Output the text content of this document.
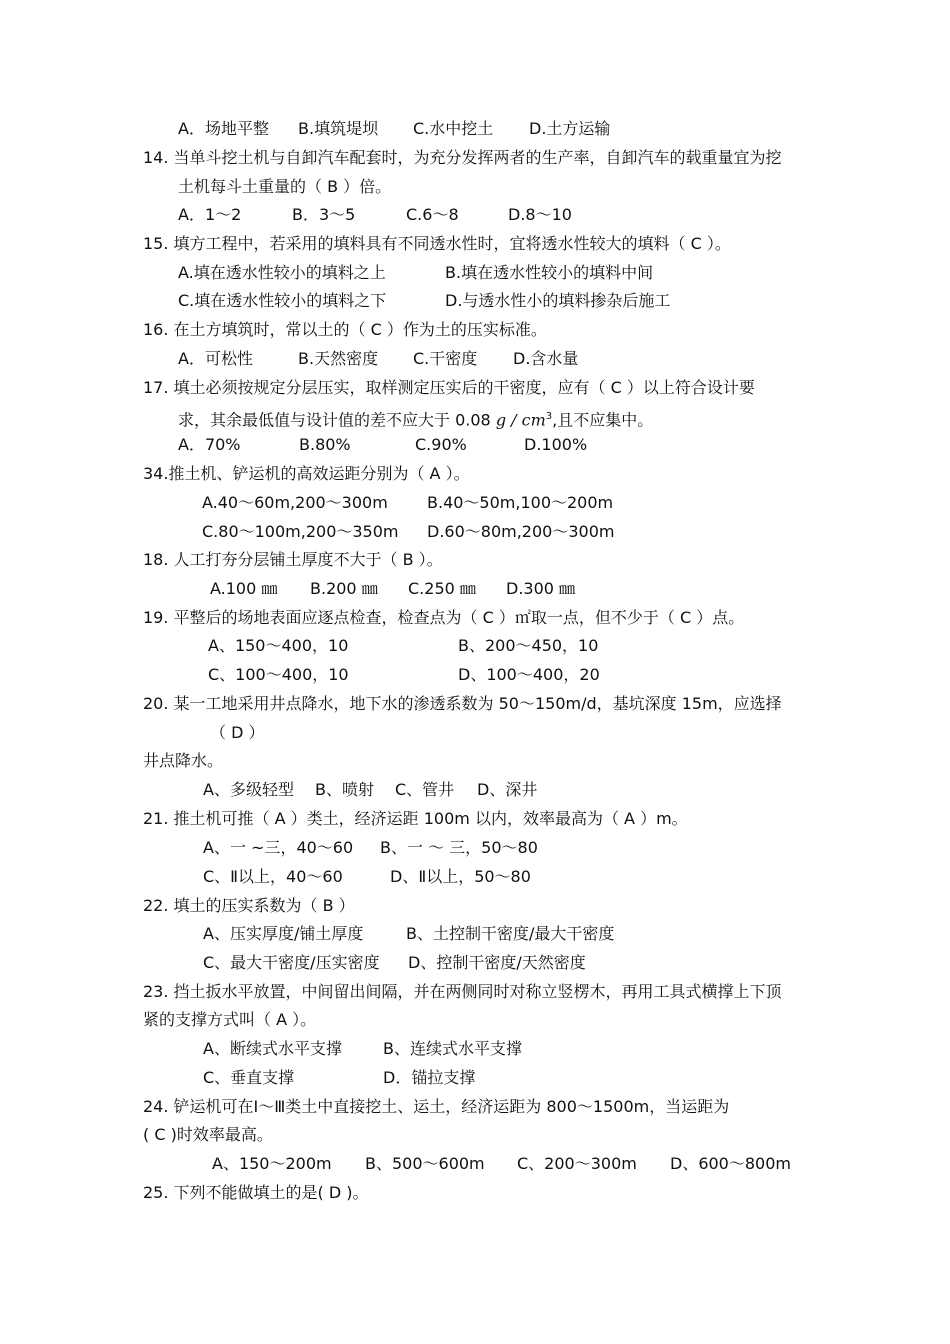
A．场地平整 B.填筑堤坝 C.水中挖土 D.土方运输
14. 当单斗挖土机与自卸汽车配套时，为充分发挥两者的生产率，自卸汽车的载重量宜为挖
土机每斗土重量的（ B ）倍。
A．1～2	B．3～5	C.6～8	D.8～10
15. 填方工程中，若采用的填料具有不同透水性时，宜将透水性较大的填料（ C ）。
A.填在透水性较小的填料之上	B.填在透水性较小的填料中间
C.填在透水性较小的填料之下	D.与透水性小的填料掺杂后施工
16. 在土方填筑时，常以土的（ C ）作为土的压实标准。
A．可松性	B.天然密度 C.干密度 D.含水量
17. 填土必须按规定分层压实，取样测定压实后的干密度，应有（ C ）以上符合设计要
求，其余最低值与设计值的差不应大于 0.08 g / $cm^3$,且不应集中。
A．70%	B.80%	C.90%	D.100%
34.推土机、铲运机的高效运距分别为（ A ）。
A.40～60m,200～300m B.40～50m,100～200m
C.80～100m,200～350m D.60～80m,200～300m
18. 人工打夯分层铺土厚度不大于（ B ）。
A.100 ㎜ B.200 ㎜ C.250 ㎜ D.300 ㎜
19. 平整后的场地表面应逐点检查，检查点为（ C ）㎡取一点，但不少于（ C ）点。
A、150～400，10	B、200～450，10
C、100～400，10	D、100～400，20
20. 某一工地采用井点降水，地下水的渗透系数为 50～150m/d，基坑深度 15m，应选择
（ D ）
井点降水。
A、多级轻型 B、喷射 C、管井 D、深井
21. 推土机可推（ A ）类土，经济运距 100m 以内，效率最高为（ A ）m。
A、一 ~三，40～60 B、一 ～ 三，50～80
C、Ⅱ以上，40～60	D、Ⅱ以上，50～80
22. 填土的压实系数为（ B ）
A、压实厚度/铺土厚度	B、土控制干密度/最大干密度
C、最大干密度/压实密度 D、控制干密度/天然密度
23. 挡土扳水平放置，中间留出间隔，并在两侧同时对称立竖楞木，再用工具式横撑上下顶
紧的支撑方式叫（ A ）。
A、断续式水平支撑	B、连续式水平支撑
C、垂直支撑	D．锚拉支撑
24. 铲运机可在Ⅰ～Ⅲ类土中直接挖土、运土，经济运距为 800～1500m，当运距为
( C )时效率最高。
A、150～200m B、500～600m C、200～300m D、600～800m
25. 下列不能做填土的是( D )。
